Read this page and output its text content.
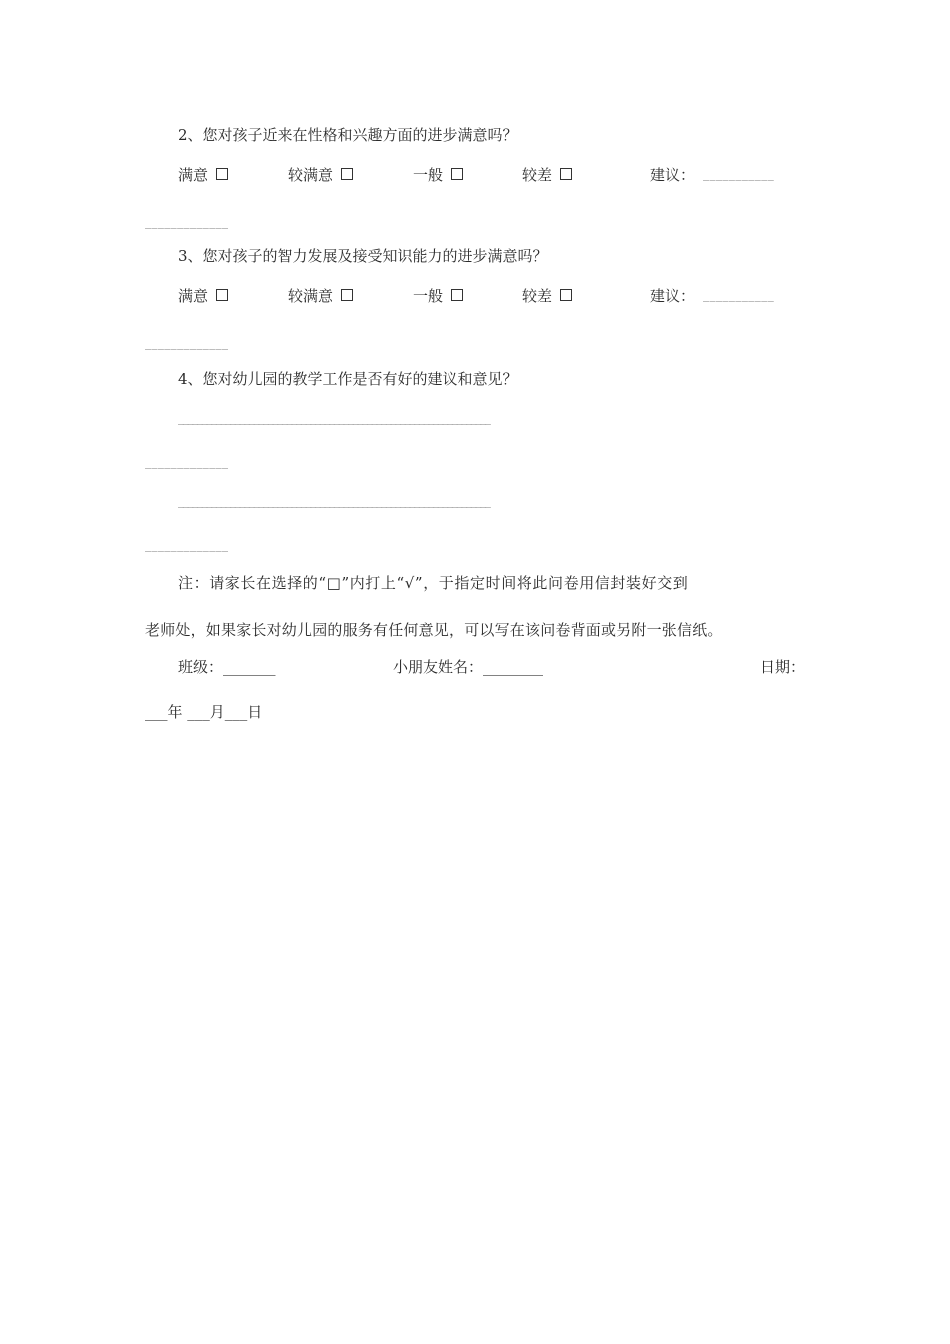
2、您对孩子近来在性格和兴趣方面的进步满意吗？
满意	较满意	一般	较差	建议： ___________
_____________
3、您对孩子的智力发展及接受知识能力的进步满意吗？
满意	较满意	一般	较差	建议： ___________
_____________
4、您对幼儿园的教学工作是否有好的建议和意见？
__________________________________________________________________
_____________
__________________________________________________________________
_____________
注：请家长在选择的“□”内打上“√”，于指定时间将此问卷用信封装好交到
老师处，如果家长对幼儿园的服务有任何意见，可以写在该问卷背面或另附一张信纸。
班级：_______	小朋友姓名：________	日期：
___年 ___月___日
